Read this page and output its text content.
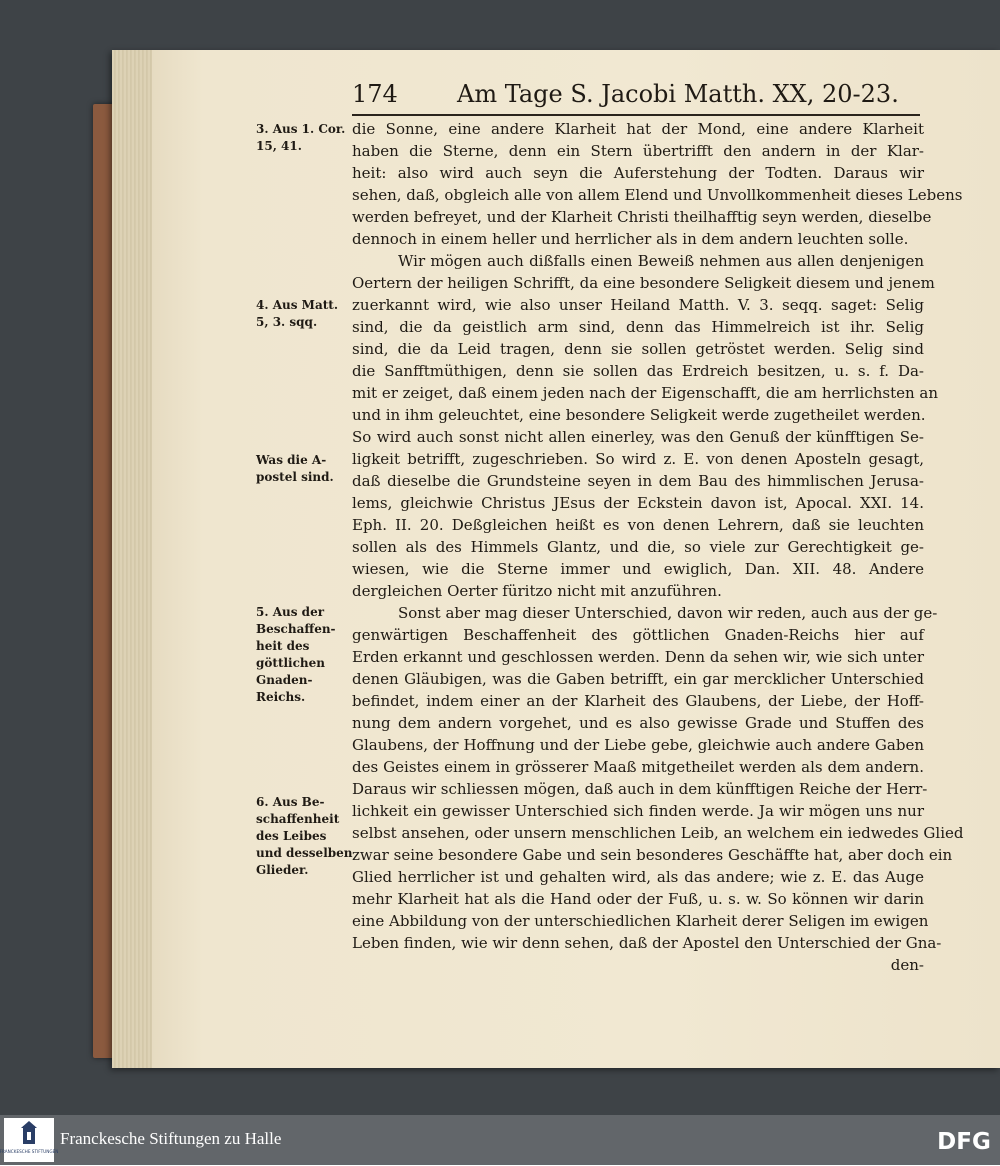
174 Am Tage S. Jacobi Matth. XX, 20-23.
die Sonne, eine andere Klarheit hat der Mond, eine andere Klarheit
haben die Sterne, denn ein Stern übertrifft den andern in der Klar-
heit: also wird auch seyn die Auferstehung der Todten. Daraus wir
sehen, daß, obgleich alle von allem Elend und Unvollkommenheit dieses Lebens
werden befreyet, und der Klarheit Christi theilhafftig seyn werden, dieselbe
dennoch in einem heller und herrlicher als in dem andern leuchten solle.
Wir mögen auch dißfalls einen Beweiß nehmen aus allen denjenigen
Oertern der heiligen Schrifft, da eine besondere Seligkeit diesem und jenem
zuerkannt wird, wie also unser Heiland Matth. V. 3. seqq. saget: Selig
sind, die da geistlich arm sind, denn das Himmelreich ist ihr. Selig
sind, die da Leid tragen, denn sie sollen getröstet werden. Selig sind
die Sanfftmüthigen, denn sie sollen das Erdreich besitzen, u. s. f. Da-
mit er zeiget, daß einem jeden nach der Eigenschafft, die am herrlichsten an
und in ihm geleuchtet, eine besondere Seligkeit werde zugetheilet werden.
So wird auch sonst nicht allen einerley, was den Genuß der künfftigen Se-
ligkeit betrifft, zugeschrieben. So wird z. E. von denen Aposteln gesagt,
daß dieselbe die Grundsteine seyen in dem Bau des himmlischen Jerusa-
lems, gleichwie Christus JEsus der Eckstein davon ist, Apocal. XXI. 14.
Eph. II. 20. Deßgleichen heißt es von denen Lehrern, daß sie leuchten
sollen als des Himmels Glantz, und die, so viele zur Gerechtigkeit ge-
wiesen, wie die Sterne immer und ewiglich, Dan. XII. 48. Andere
dergleichen Oerter füritzo nicht mit anzuführen.
Sonst aber mag dieser Unterschied, davon wir reden, auch aus der ge-
genwärtigen Beschaffenheit des göttlichen Gnaden-Reichs hier auf
Erden erkannt und geschlossen werden. Denn da sehen wir, wie sich unter
denen Gläubigen, was die Gaben betrifft, ein gar mercklicher Unterschied
befindet, indem einer an der Klarheit des Glaubens, der Liebe, der Hoff-
nung dem andern vorgehet, und es also gewisse Grade und Stuffen des
Glaubens, der Hoffnung und der Liebe gebe, gleichwie auch andere Gaben
des Geistes einem in grösserer Maaß mitgetheilet werden als dem andern.
Daraus wir schliessen mögen, daß auch in dem künfftigen Reiche der Herr-
lichkeit ein gewisser Unterschied sich finden werde. Ja wir mögen uns nur
selbst ansehen, oder unsern menschlichen Leib, an welchem ein iedwedes Glied
zwar seine besondere Gabe und sein besonderes Geschäffte hat, aber doch ein
Glied herrlicher ist und gehalten wird, als das andere; wie z. E. das Auge
mehr Klarheit hat als die Hand oder der Fuß, u. s. w. So können wir darin
eine Abbildung von der unterschiedlichen Klarheit derer Seligen im ewigen
Leben finden, wie wir denn sehen, daß der Apostel den Unterschied der Gna-
den-
3. Aus 1. Cor.
15, 41.
4. Aus Matt.
5, 3. sqq.
Was die A-
postel sind.
5. Aus der
Beschaffen-
heit des
göttlichen
Gnaden-
Reichs.
6. Aus Be-
schaffenheit
des Leibes
und desselben
Glieder.
FRANCKESCHE STIFTUNGEN
Franckesche Stiftungen zu Halle	DFG
